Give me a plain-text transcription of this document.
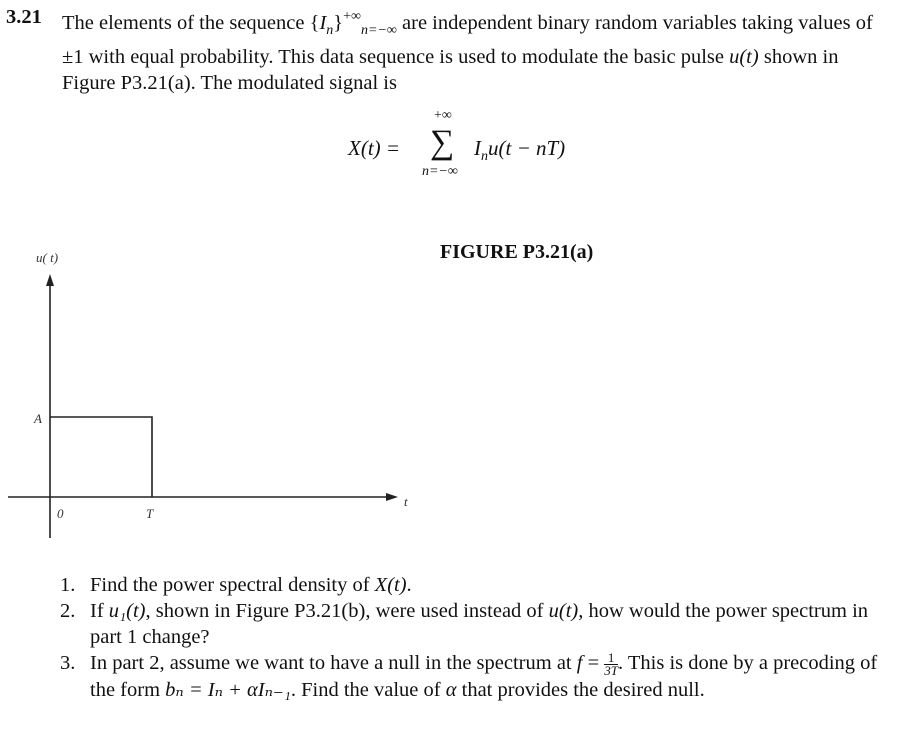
3.21 The elements of the sequence $\{I_n\}^{+\infty}_{n=-\infty}$ are independent binary random variables taking values of ±1 with equal probability. This data sequence is used to modulate the basic pulse u(t) shown in Figure P3.21(a). The modulated signal is
X(t) =
+∞
∑
n=−∞
$I_nu(t - nT)$
FIGURE P3.21(a)
u( t)
t
A
0	T
1. Find the power spectral density of X(t).
2. If u₁(t), shown in Figure P3.21(b), were used instead of u(t), how would the power spectrum in part 1 change?
3. In part 2, assume we want to have a null in the spectrum at $f = \frac{1}{3T}$ . This is done by a precoding of the form bₙ = Iₙ + αIₙ₋₁. Find the value of α that provides the desired null.
